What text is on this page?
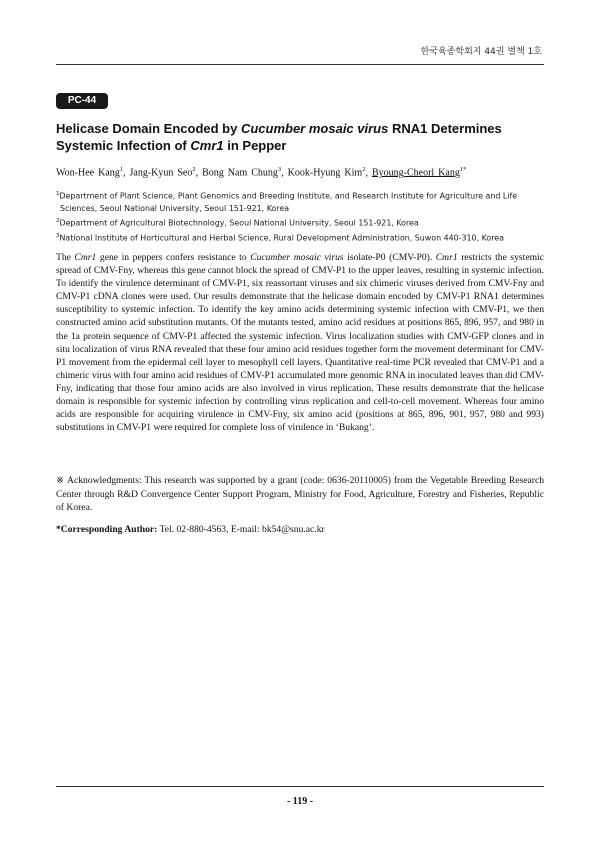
한국육종학회지 44권 별책 1호
PC-44
Helicase Domain Encoded by Cucumber mosaic virus RNA1 Determines Systemic Infection of Cmr1 in Pepper
Won-Hee Kang$^1$, Jang-Kyun Seo$^2$, Bong Nam Chung$^3$, Kook-Hyung Kim$^2$, Byoung-Cheorl Kang$^{1*}$
$^1$Department of Plant Science, Plant Genomics and Breeding Institute, and Research Institute for Agriculture and Life
Sciences, Seoul National University, Seoul 151-921, Korea
$^2$Department of Agricultural Biotechnology, Seoul National University, Seoul 151-921, Korea
$^3$National Institute of Horticultural and Herbal Science, Rural Development Administration, Suwon 440-310, Korea
The Cmr1 gene in peppers confers resistance to Cucumber mosaic virus isolate-P0 (CMV-P0). Cmr1 restricts the systemic spread of CMV-Fny, whereas this gene cannot block the spread of CMV-P1 to the upper leaves, resulting in systemic infection. To identify the virulence determinant of CMV-P1, six reassortant viruses and six chimeric viruses derived from CMV-Fny and CMV-P1 cDNA clones were used. Our results demonstrate that the helicase domain encoded by CMV-P1 RNA1 determines susceptibility to systemic infection. To identify the key amino acids determining systemic infection with CMV-P1, we then constructed amino acid substitution mutants. Of the mutants tested, amino acid residues at positions 865, 896, 957, and 980 in the 1a protein sequence of CMV-P1 affected the systemic infection. Virus localization studies with CMV-GFP clones and in situ localization of virus RNA revealed that these four amino acid residues together form the movement determinant for CMV-P1 movement from the epidermal cell layer to mesophyll cell layers. Quantitative real-time PCR revealed that CMV-P1 and a chimeric virus with four amino acid residues of CMV-P1 accumulated more genomic RNA in inoculated leaves than did CMV-Fny, indicating that those four amino acids are also involved in virus replication. These results demonstrate that the helicase domain is responsible for systemic infection by controlling virus replication and cell-to-cell movement. Whereas four amino acids are responsible for acquiring virulence in CMV-Fny, six amino acid (positions at 865, 896, 901, 957, 980 and 993) substitutions in CMV-P1 were required for complete loss of virulence in ‘Bukang’.
※ Acknowledgments: This research was supported by a grant (code: 0636-20110005) from the Vegetable Breeding Research Center through R&D Convergence Center Support Program, Ministry for Food, Agriculture, Forestry and Fisheries, Republic of Korea.
*Corresponding Author: Tel. 02-880-4563, E-mail: bk54@snu.ac.kr
- 119 -
